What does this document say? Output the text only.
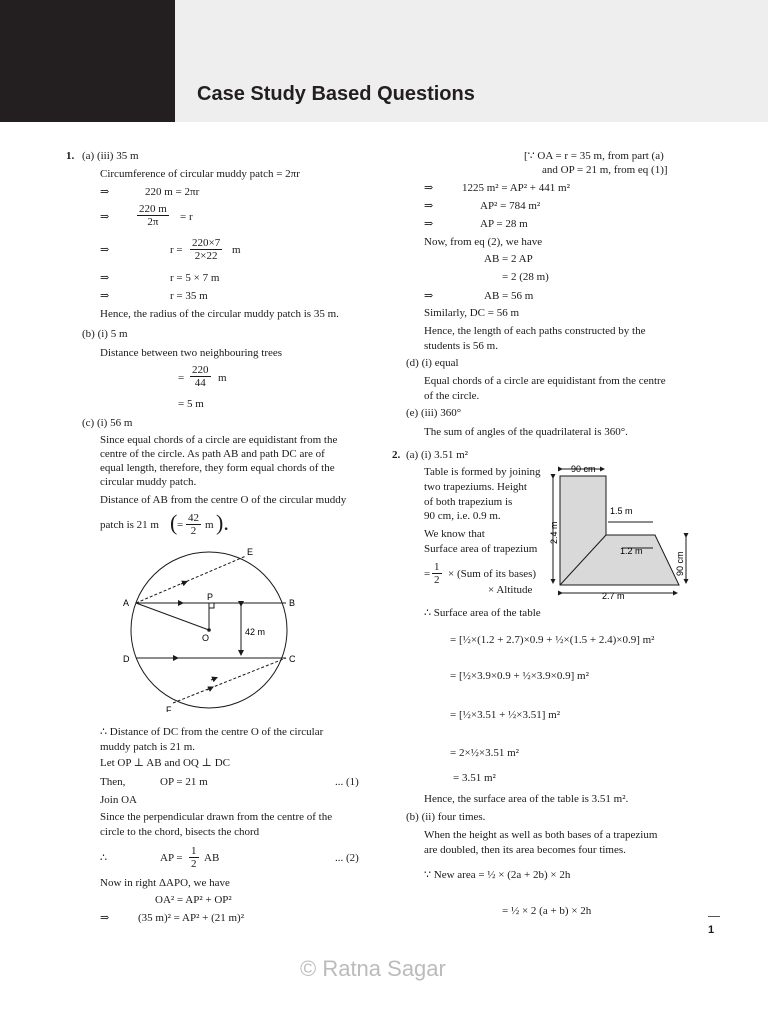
Case Study Based Questions
1. (a) (iii) 35 m
Circumference of circular muddy patch = 2πr
⇒	220 m = 2πr
⇒	$\frac{220 m}{2\pi} = r$
⇒	$r = \frac{220\times 7}{2\times 22}$ m
⇒	r = 5 × 7 m
⇒	r = 35 m
Hence, the radius of the circular muddy patch is 35 m.
(b) (i) 5 m
Distance between two neighbouring trees
= $\frac{220}{44}$ m
= 5 m
(c) (i) 56 m
Since equal chords of a circle are equidistant from the
centre of the circle. As path AB and path DC are of
equal length, therefore, they form equal chords of the
circular muddy patch.
Distance of AB from the centre O of the circular muddy
patch is 21 m ( = $\frac{42}{2}$ m ).
A	B
C
D
E
F
P
O
42 m
∴ Distance of DC from the centre O of the circular
muddy patch is 21 m.
Let OP ⊥ AB and OQ ⊥ DC
Then,	OP = 21 m	... (1)
Join OA
Since the perpendicular drawn from the centre of the
circle to the chord, bisects the chord
∴	AP = $\frac{1}{2}$ AB	... (2)
Now in right ΔAPO, we have
OA² = AP² + OP²
⇒	(35 m)² = AP² + (21 m)²
[∵ OA = r = 35 m, from part (a)
and OP = 21 m, from eq (1)]
⇒	1225 m² = AP² + 441 m²
⇒	AP² = 784 m²
⇒	AP = 28 m
Now, from eq (2), we have
AB = 2 AP
= 2 (28 m)
⇒	AB = 56 m
Similarly, DC = 56 m
Hence, the length of each paths constructed by the
students is 56 m.
(d) (i) equal
Equal chords of a circle are equidistant from the centre
of the circle.
(e) (iii) 360°
The sum of angles of the quadrilateral is 360°.
2. (a) (i) 3.51 m²
Table is formed by joining
two trapeziums. Height
of both trapezium is
90 cm, i.e. 0.9 m.
We know that
Surface area of trapezium
= $\frac{1}{2} \times (Sum$ of its bases)
× Altitude
90 cm
1.5 m
1.2 m
2.7 m
2.4 m
90 cm
∴ Surface area of the table
= [½×(1.2 + 2.7)×0.9 + ½×(1.5 + 2.4)×0.9] m²
= [½×3.9×0.9 + ½×3.9×0.9] m²
= [½×3.51 + ½×3.51] m²
= 2×½×3.51 m²
= 3.51 m²
Hence, the surface area of the table is 3.51 m².
(b) (ii) four times.
When the height as well as both bases of a trapezium
are doubled, then its area becomes four times.
∵ New area = ½ × (2a + 2b) × 2h
= ½ × 2 (a + b) × 2h
1
© Ratna Sagar
